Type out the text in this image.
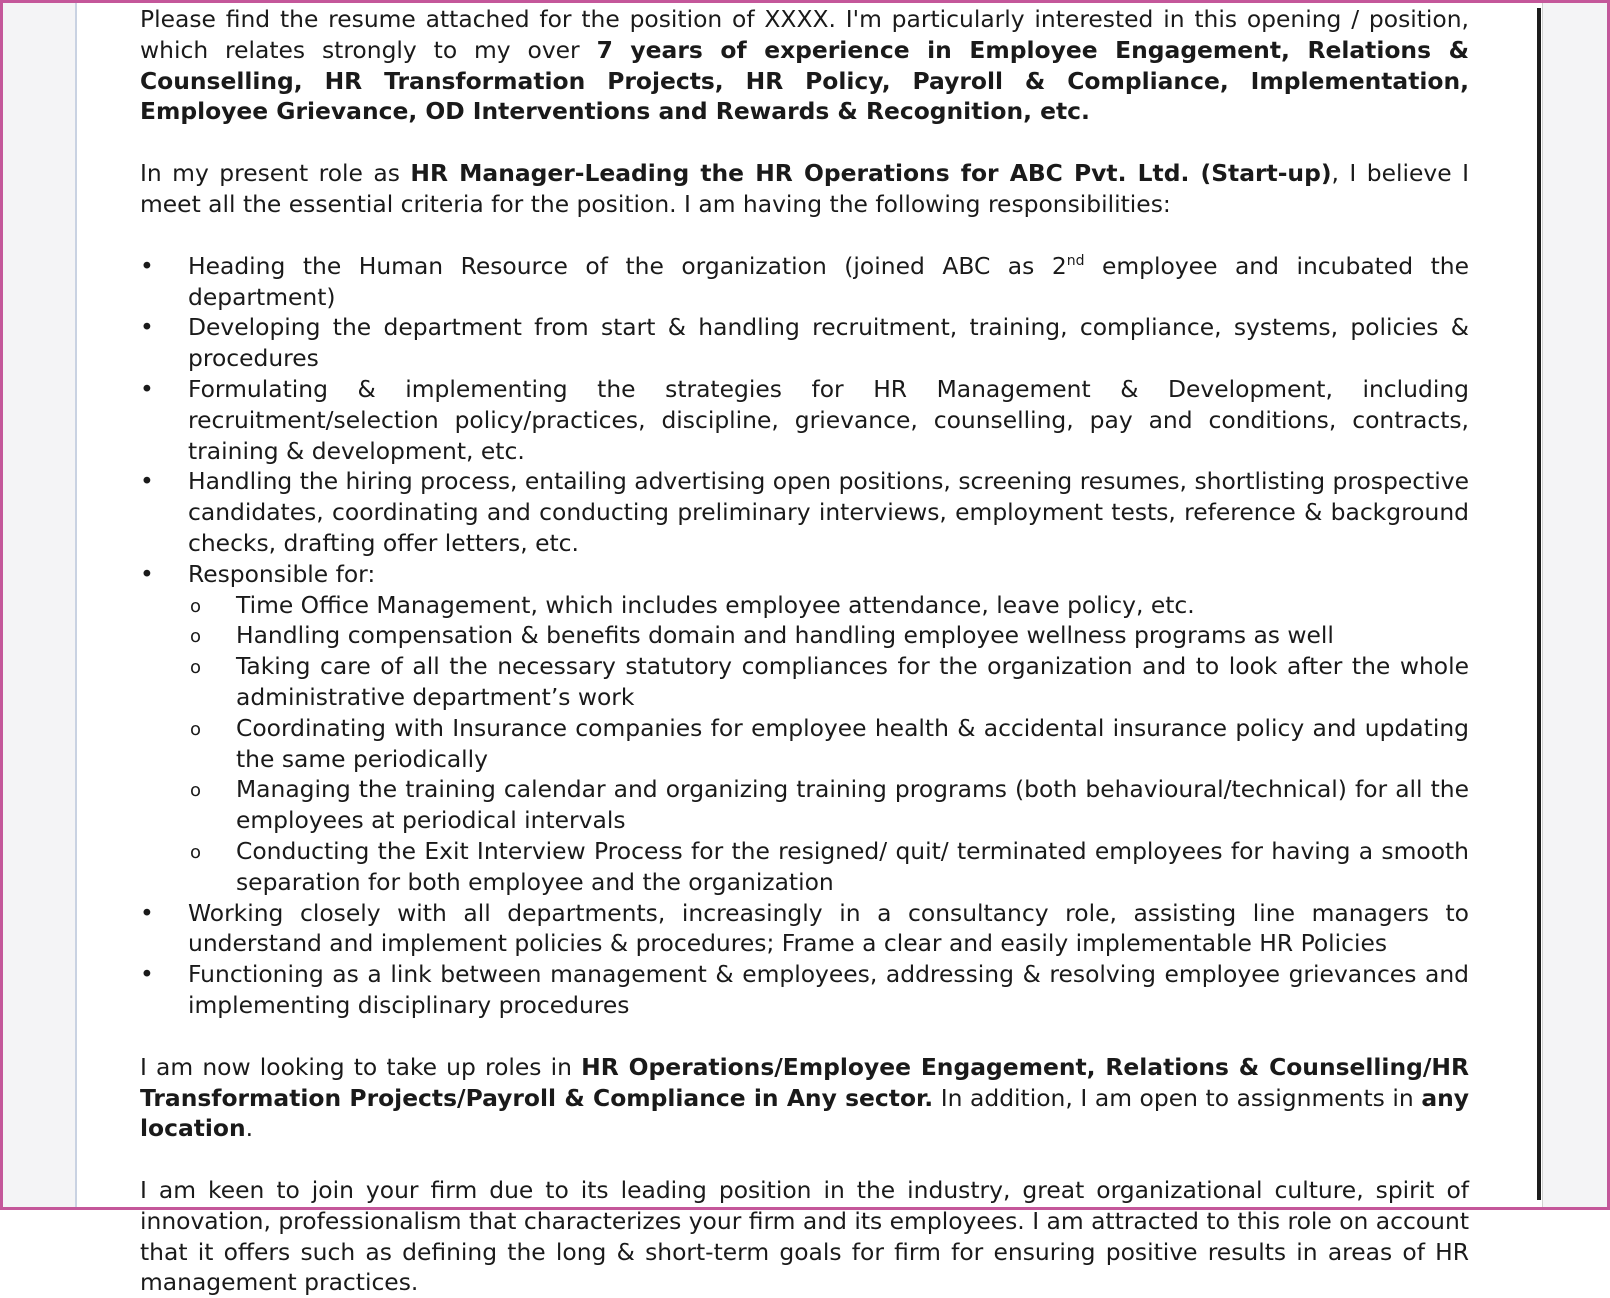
Please find the resume attached for the position of XXXX. I'm particularly interested in this opening / position, which relates strongly to my over 7 years of experience in Employee Engagement, Relations & Counselling, HR Transformation Projects, HR Policy, Payroll & Compliance, Implementation, Employee Grievance, OD Interventions and Rewards & Recognition, etc.

In my present role as HR Manager-Leading the HR Operations for ABC Pvt. Ltd. (Start-up), I believe I meet all the essential criteria for the position. I am having the following responsibilities:

• Heading the Human Resource of the organization (joined ABC as 2nd employee and incubated the department)
• Developing the department from start & handling recruitment, training, compliance, systems, policies & procedures
• Formulating & implementing the strategies for HR Management & Development, including recruitment/selection policy/practices, discipline, grievance, counselling, pay and conditions, contracts, training & development, etc.
• Handling the hiring process, entailing advertising open positions, screening resumes, shortlisting prospective candidates, coordinating and conducting preliminary interviews, employment tests, reference & background checks, drafting offer letters, etc.
• Responsible for:
o Time Office Management, which includes employee attendance, leave policy, etc.
o Handling compensation & benefits domain and handling employee wellness programs as well
o Taking care of all the necessary statutory compliances for the organization and to look after the whole administrative department’s work
o Coordinating with Insurance companies for employee health & accidental insurance policy and updating the same periodically
o Managing the training calendar and organizing training programs (both behavioural/technical) for all the employees at periodical intervals
o Conducting the Exit Interview Process for the resigned/ quit/ terminated employees for having a smooth separation for both employee and the organization
• Working closely with all departments, increasingly in a consultancy role, assisting line managers to understand and implement policies & procedures; Frame a clear and easily implementable HR Policies
• Functioning as a link between management & employees, addressing & resolving employee grievances and implementing disciplinary procedures

I am now looking to take up roles in HR Operations/Employee Engagement, Relations & Counselling/HR Transformation Projects/Payroll & Compliance in Any sector. In addition, I am open to assignments in any location.

I am keen to join your firm due to its leading position in the industry, great organizational culture, spirit of innovation, professionalism that characterizes your firm and its employees. I am attracted to this role on account that it offers such as defining the long & short-term goals for firm for ensuring positive results in areas of HR management practices.
